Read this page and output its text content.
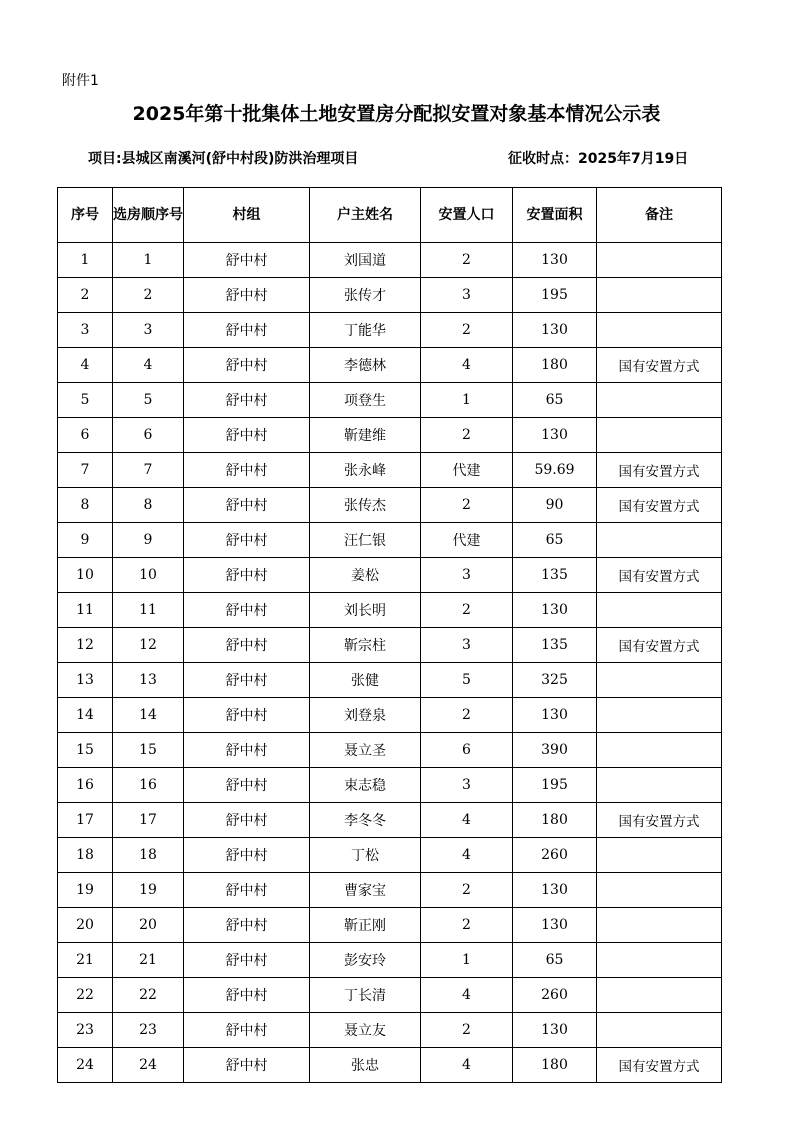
附件1
2025年第十批集体土地安置房分配拟安置对象基本情况公示表
项目:县城区南溪河(舒中村段)防洪治理项目	征收时点：2025年7月19日
序号	选房顺序号	村组	户主姓名	安置人口	安置面积	备注
1	1	舒中村	刘国道	2	130	
2	2	舒中村	张传才	3	195	
3	3	舒中村	丁能华	2	130	
4	4	舒中村	李德林	4	180	国有安置方式
5	5	舒中村	项登生	1	65	
6	6	舒中村	靳建维	2	130	
7	7	舒中村	张永峰	代建	59.69	国有安置方式
8	8	舒中村	张传杰	2	90	国有安置方式
9	9	舒中村	汪仁银	代建	65	
10	10	舒中村	姜松	3	135	国有安置方式
11	11	舒中村	刘长明	2	130	
12	12	舒中村	靳宗柱	3	135	国有安置方式
13	13	舒中村	张健	5	325	
14	14	舒中村	刘登泉	2	130	
15	15	舒中村	聂立圣	6	390	
16	16	舒中村	束志稳	3	195	
17	17	舒中村	李冬冬	4	180	国有安置方式
18	18	舒中村	丁松	4	260	
19	19	舒中村	曹家宝	2	130	
20	20	舒中村	靳正刚	2	130	
21	21	舒中村	彭安玲	1	65	
22	22	舒中村	丁长清	4	260	
23	23	舒中村	聂立友	2	130	
24	24	舒中村	张忠	4	180	国有安置方式
